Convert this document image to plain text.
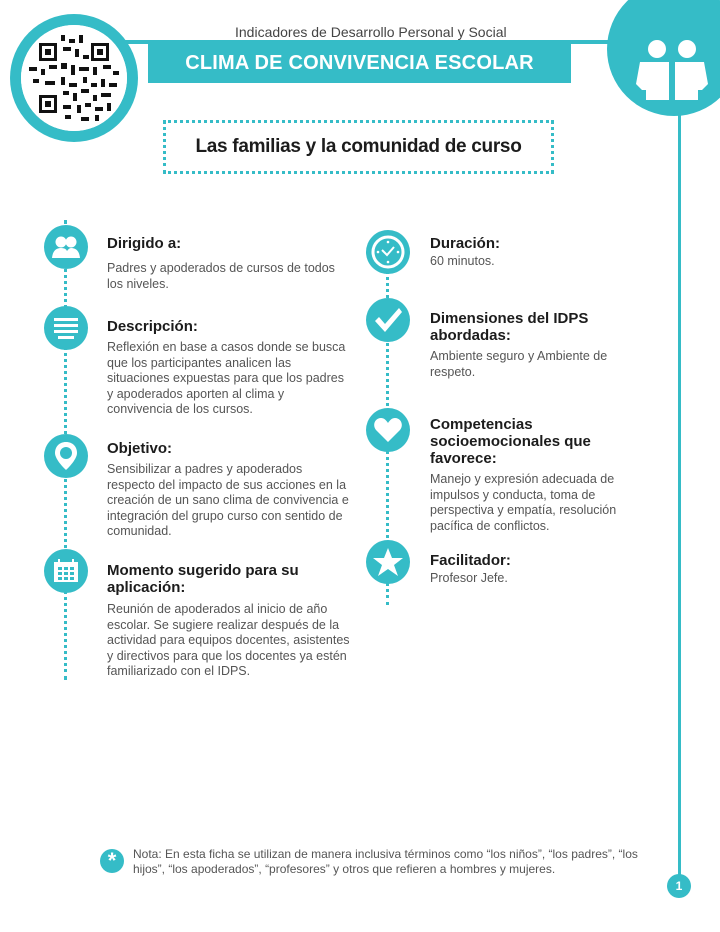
Indicadores de Desarrollo Personal y Social
CLIMA DE CONVIVENCIA ESCOLAR
Las familias y la comunidad de curso
Dirigido a:
Padres y apoderados de cursos de todos los niveles.
Descripción:
Reflexión en base a casos donde se busca que los participantes analicen las situaciones expuestas para que los padres y apoderados aporten al clima y convivencia de los cursos.
Objetivo:
Sensibilizar a padres y apoderados respecto del impacto de sus acciones en la creación de un sano clima de convivencia e integración del grupo curso con sentido de comunidad.
Momento sugerido para su aplicación:
Reunión de apoderados al inicio de año escolar. Se sugiere realizar después de la actividad para equipos docentes, asistentes y directivos para que los docentes ya estén familiarizado con el IDPS.
Duración:
60 minutos.
Dimensiones del IDPS abordadas:
Ambiente seguro y Ambiente de respeto.
Competencias socioemocionales que favorece:
Manejo y expresión adecuada de impulsos y conducta, toma de perspectiva y empatía, resolución pacífica de conflictos.
Facilitador:
Profesor Jefe.
*	Nota: En esta ficha se utilizan de manera inclusiva términos como “los niños”, “los padres”, “los hijos”, “los apoderados”, “profesores” y otros que refieren a hombres y mujeres.
1
